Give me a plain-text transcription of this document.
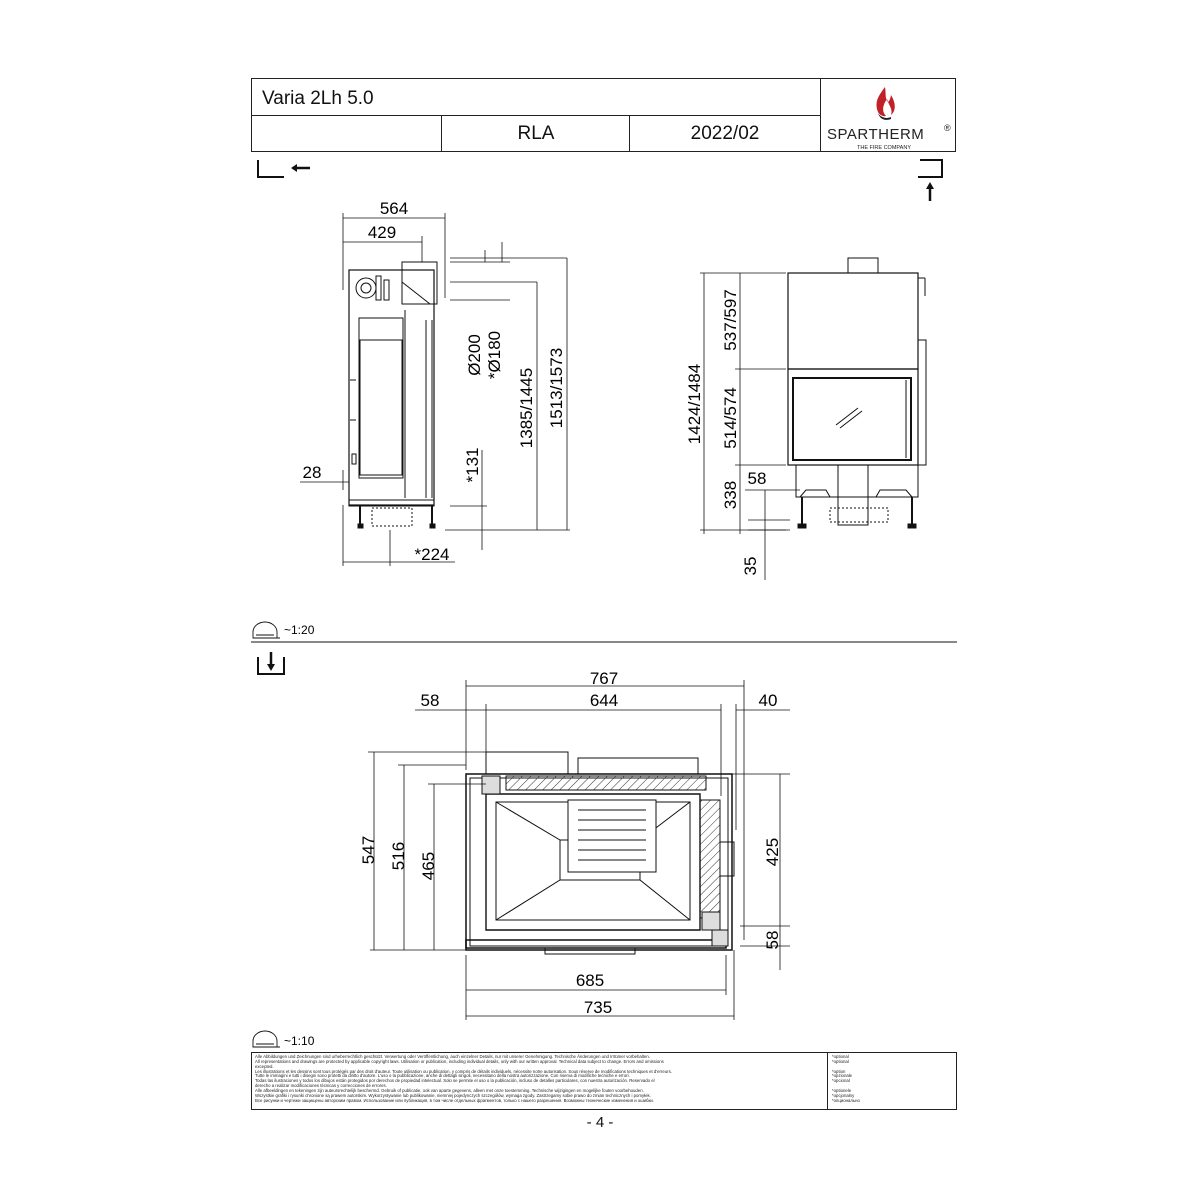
Varia 2Lh 5.0
RLA	2022/02	SPARTHERM ®
THE FIRE COMPANY
564
429
Ø200 *Ø180
1385/1445 1513/1573
28	*131
*224
1424/1484
537/597
514/574
338
58
35
~1:20
~1:10
767
644
58	40
547 516 465	425
58
685
735
Alle Abbildungen und Zeichnungen sind urheberrechtlich geschützt. Verwertung oder Veröffentlichung, auch einzelner Details, nur mit unserer Genehmigung. Technische Änderungen und Irrtümer vorbehalten.
All representations and drawings are protected by applicable copyright laws. Utilisation or publication, including individual details, only with our written approval. Technical data subject to change. Errors and omissions
excepted.
Les illustrations et les dessins sont tous protégés par des droit d'auteur. Toute utilisation ou publication, y compris de détails individuels, nécessite notre autorisation. Sous réserve de modifications techniques et d'erreurs.
Tutte le immagini e tutti i disegni sono protetti da diritto d'autore. L'uso o la pubblicazione, anche di dettagli singoli, necessitano della nostra autorizzazione. Con riserva di modifiche tecniche e errori.
Todas las ilustraciones y todos los dibujos están protegidos por derechos de propiedad intelectual. Solo se permite el uso o la publicación, incluso de detalles particulares, con nuestra autorización. Reservado el
derecho a realizar modificaciones técnicas y correcciones de errores.
Alle afbeeldingen en tekeningen zijn auteursrechtelijk beschermd. Gebruik of publicatie, ook van aparte gegevens, alleen met onze toestemming. Technische wijzigingen en mogelijke fouten voorbehouden.
Wszystkie grafiki i rysunki chronione są prawem autorskim. Wykorzystywanie lub publikowanie, niemniej pojedynczych szczegółów, wymaga zgody. Zastrzegamy sobie prawo do zmian technicznych i pomyłek.
Все рисунки и чертежи защищены авторским правом. Использование или публикация, в том числе отдельных фрагментов, только с нашего разрешения. Возможны технические изменения и ошибки.
*optional
*optional
*option
*opzionale
*opcional
*optionele
*opcjonalny
*опционально
- 4 -
